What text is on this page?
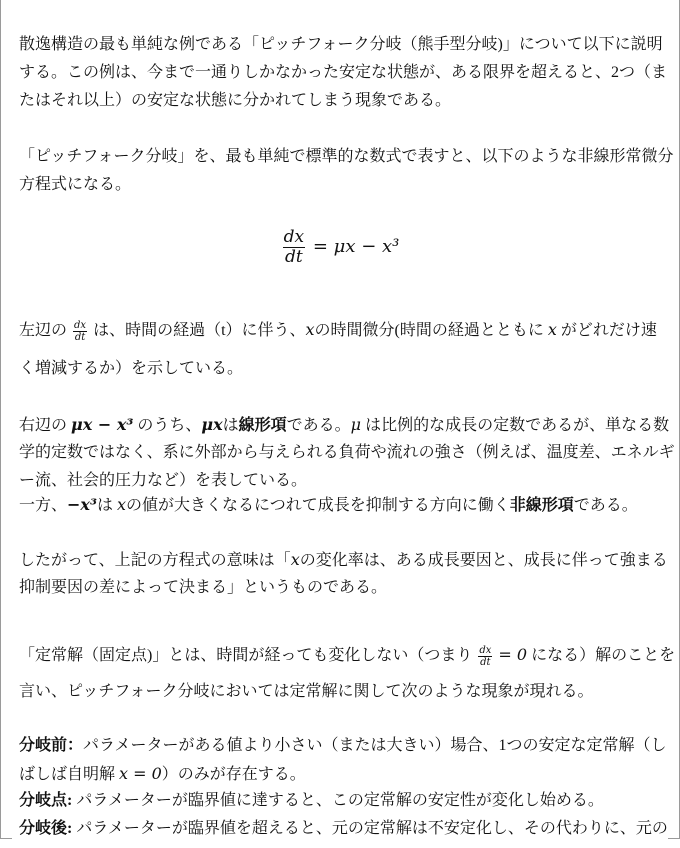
$\frac{dx}{dt} = \mu x - x^3$
散逸構造の最も単純な例である「ピッチフォーク分岐（熊手型分岐)」について以下に説明
する。この例は、今まで一通りしかなかった安定な状態が、ある限界を超えると、2つ（ま
たはそれ以上）の安定な状態に分かれてしまう現象である。
「ピッチフォーク分岐」を、最も単純で標準的な数式で表すと、以下のような非線形常微分
方程式になる。
左辺の $\frac{dx}{dt}$ は、時間の経過（t）に伴う、xの時間微分(時間の経過とともに x がどれだけ速
く増減するか）を示している。
右辺の μx − x³ のうち、μxは線形項である。μ は比例的な成長の定数であるが、単なる数
学的定数ではなく、系に外部から与えられる負荷や流れの強さ（例えば、温度差、エネルギ
ー流、社会的圧力など）を表している。
一方、−x³は xの値が大きくなるにつれて成長を抑制する方向に働く非線形項である。
したがって、上記の方程式の意味は「xの変化率は、ある成長要因と、成長に伴って強まる
抑制要因の差によって決まる」というものである。
「定常解（固定点)」とは、時間が経っても変化しない（つまり $\frac{dx}{dt} = 0$ になる）解のことを
言い、ピッチフォーク分岐においては定常解に関して次のような現象が現れる。
分岐前：パラメーターがある値より小さい（または大きい）場合、1つの安定な定常解（し
ばしば自明解 x = 0）のみが存在する。
分岐点: パラメーターが臨界値に達すると、この定常解の安定性が変化し始める。
分岐後: パラメーターが臨界値を超えると、元の定常解は不安定化し、その代わりに、元の
